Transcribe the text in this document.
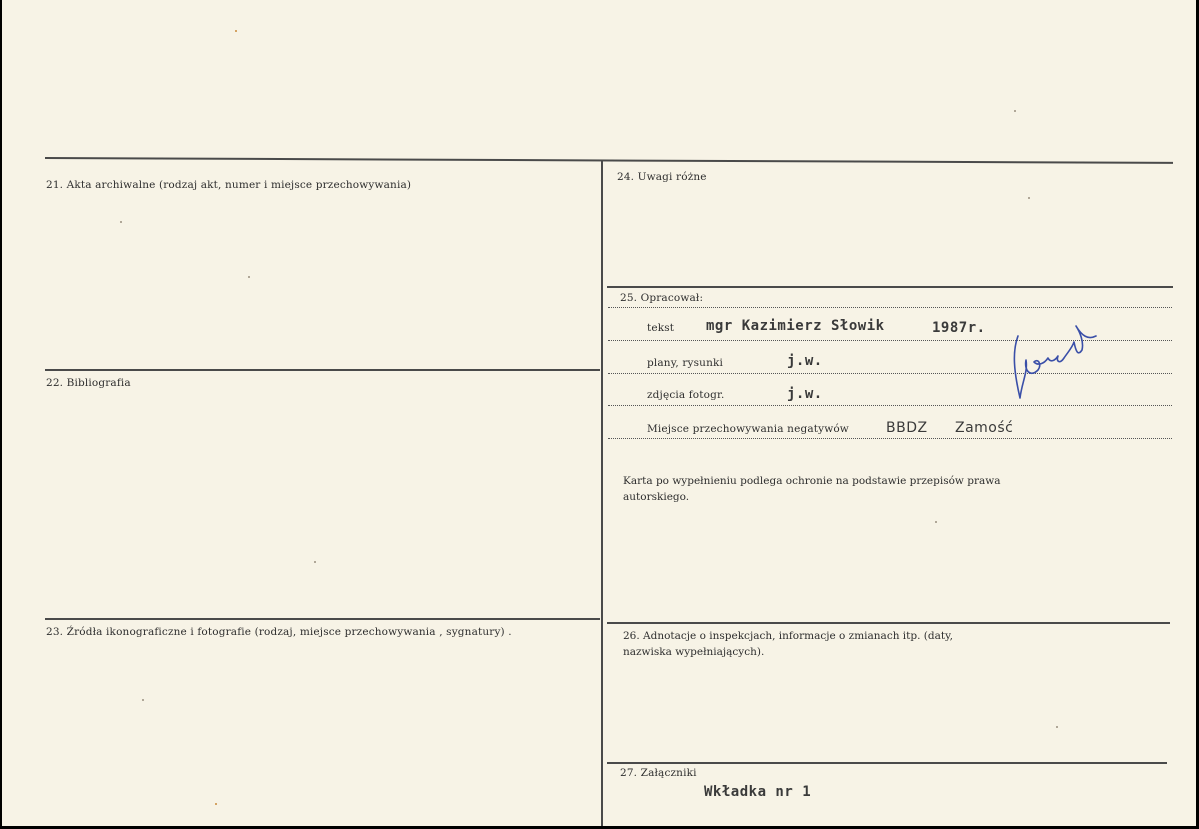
21. Akta archiwalne (rodzaj akt, numer i miejsce przechowywania)
22. Bibliografia
23. Źródła ikonograficzne i fotografie (rodzaj, miejsce przechowywania , sygnatury) .
24. Uwagi różne
25. Opracował:
tekst mgr Kazimierz Słowik	1987r.
plany, rysunki	j.w.
zdjęcia fotogr.	j.w.
Miejsce przechowywania negatywów	BBDZ Zamość
Karta po wypełnieniu podlega ochronie na podstawie przepisów prawa autorskiego.
26. Adnotacje o inspekcjach, informacje o zmianach itp. (daty, nazwiska wypełniających).
27. Załączniki
Wkładka nr 1
